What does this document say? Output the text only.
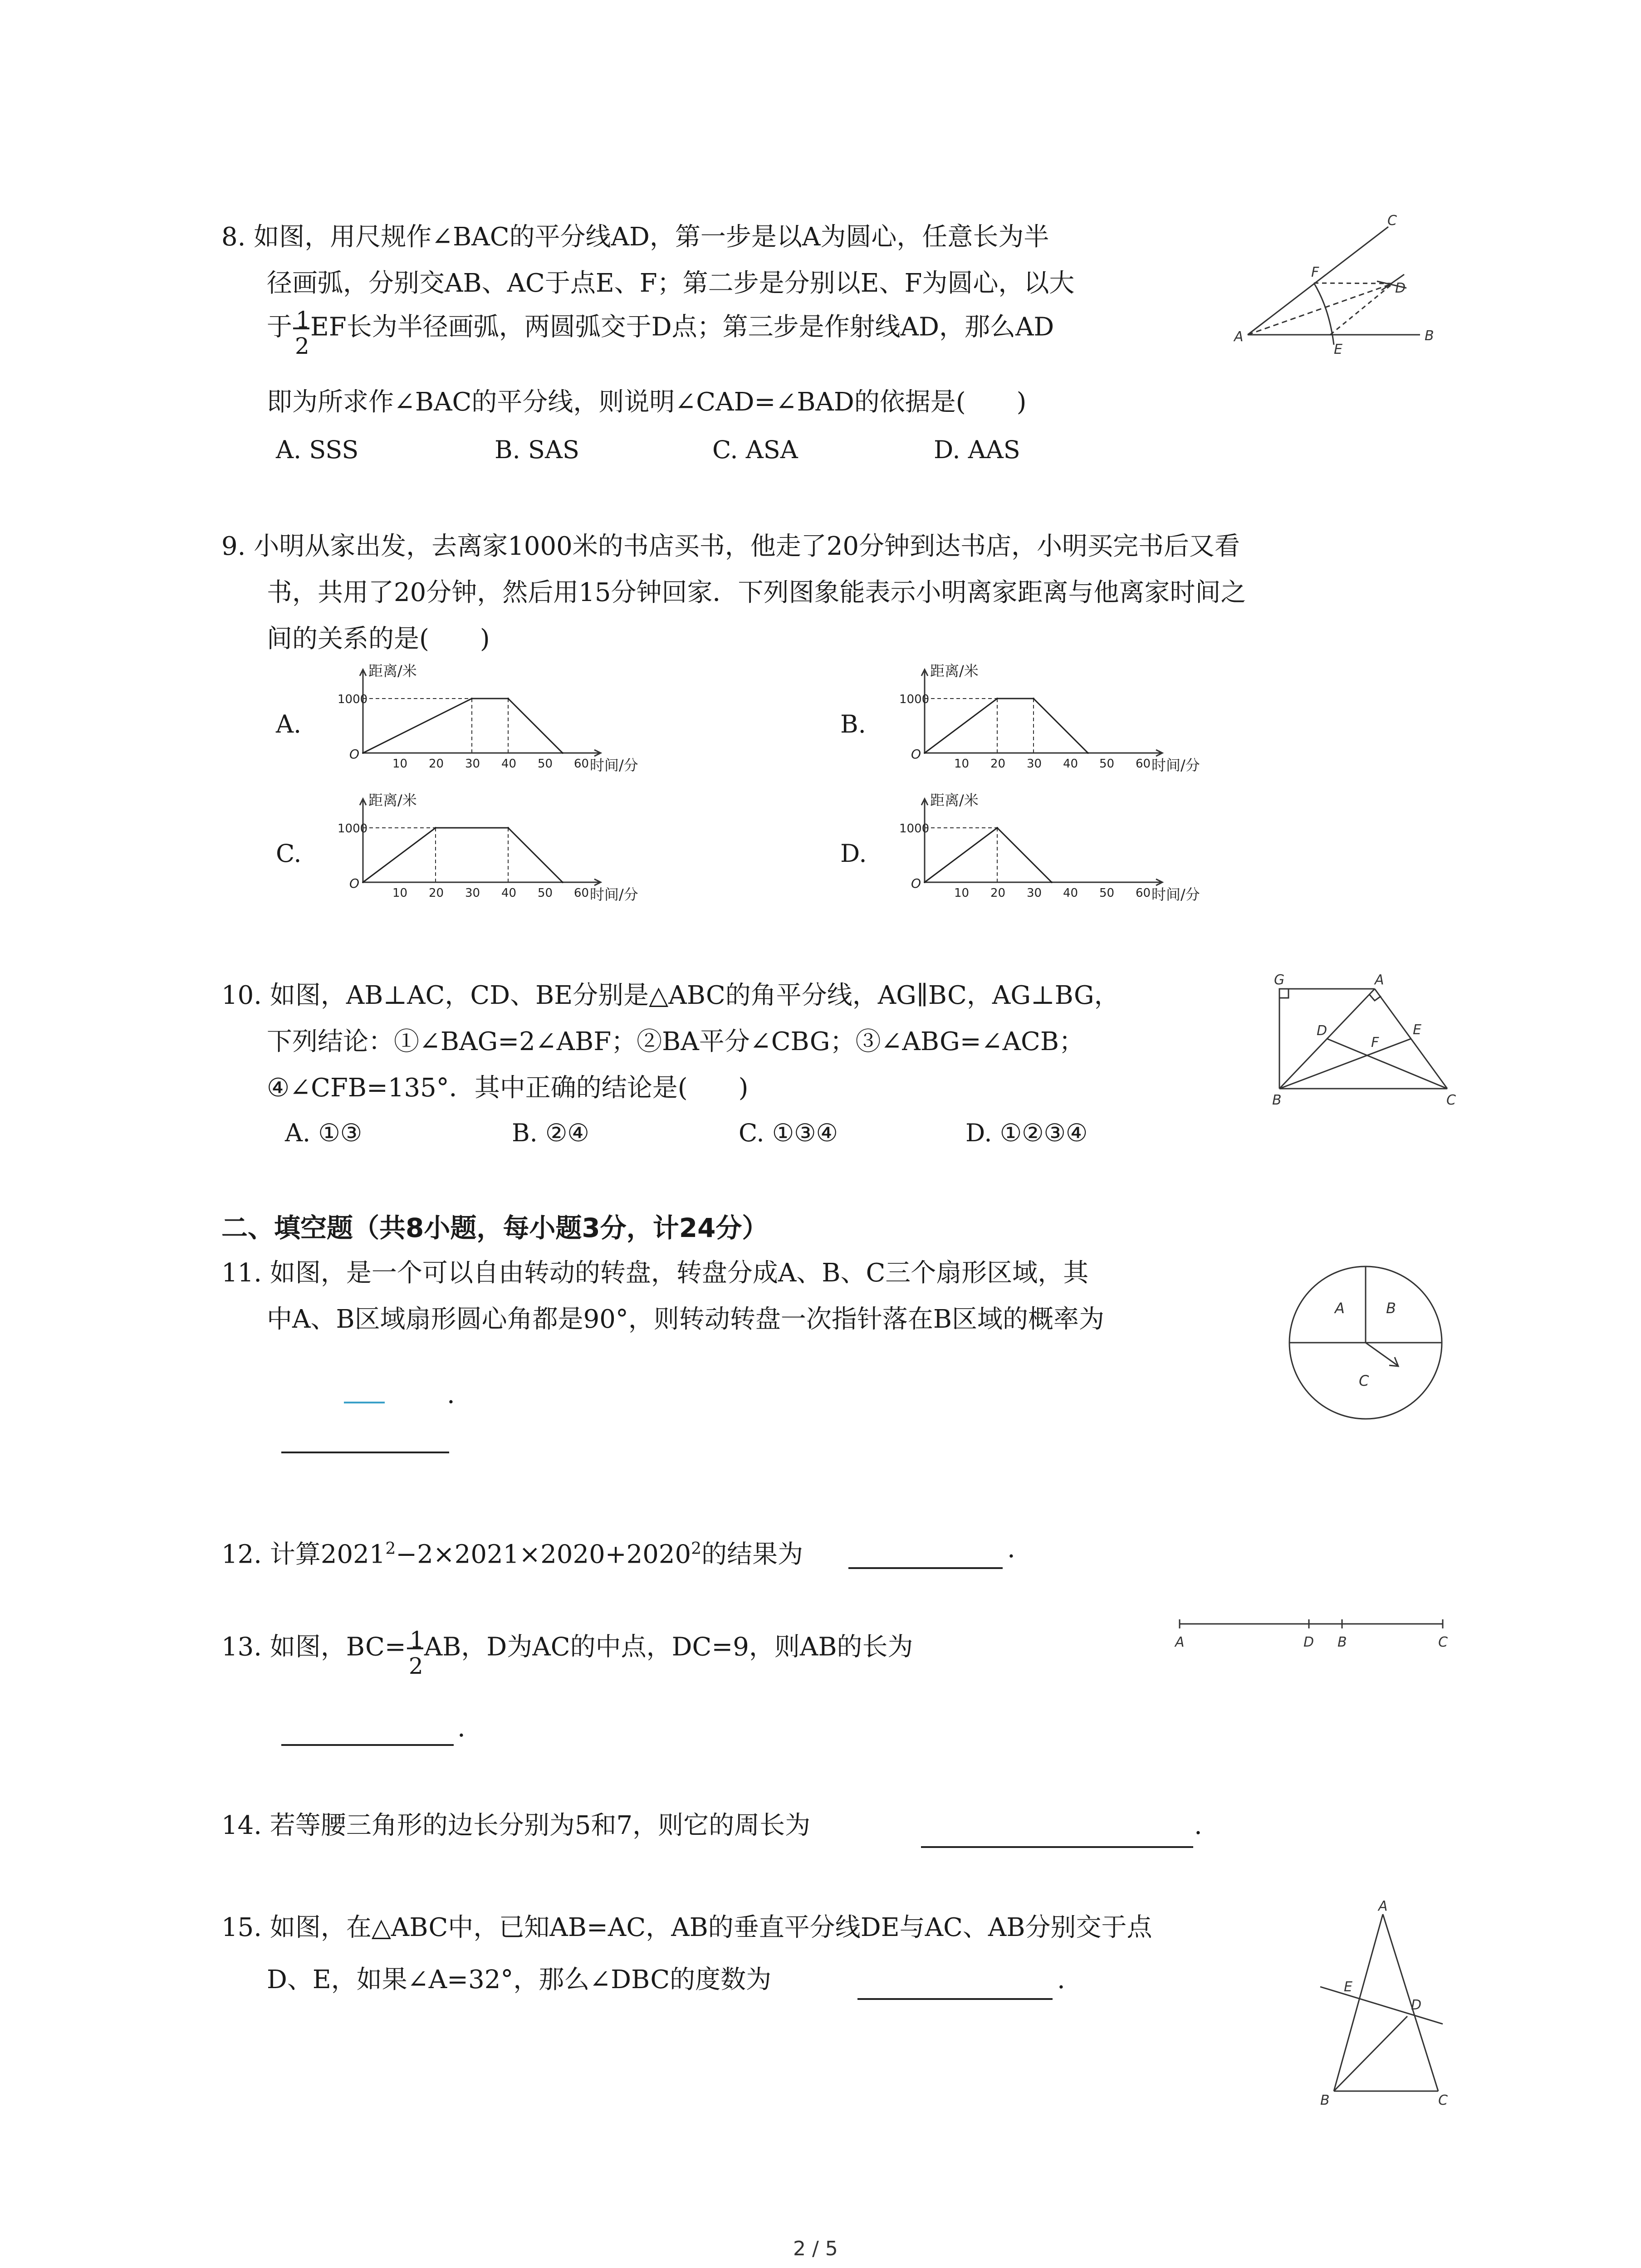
8. 如图，用尺规作∠BAC的平分线AD，第一步是以A为圆心，任意长为半
径画弧，分别交AB、AC于点E、F；第二步是分别以E、F为圆心，以大
于 $\frac{1}{2}$ EF长为半径画弧，两圆弧交于D点；第三步是作射线AD，那么AD
即为所求作∠BAC的平分线，则说明∠CAD=∠BAD的依据是(　　)
A. SSS	B. SAS	C. ASA	D. AAS
A	B
C
D
E
F
9. 小明从家出发，去离家1000米的书店买书，他走了20分钟到达书店，小明买完书后又看
书，共用了20分钟，然后用15分钟回家．下列图象能表示小明离家距离与他离家时间之
间的关系的是(　　)
A.	B.
C.	D.
距离/米
1000
O
10 20 30 40 50 60 时间/分
距离/米
1000
O
10 20 30 40 50 60 时间/分
距离/米
1000
O
10 20 30 40 50 60 时间/分
距离/米
1000
O
10 20 30 40 50 60 时间/分
10. 如图，AB⊥AC，CD、BE分别是△ABC的角平分线，AG∥BC，AG⊥BG，
下列结论：①∠BAG=2∠ABF；②BA平分∠CBG；③∠ABG=∠ACB；
④∠CFB=135°．其中正确的结论是(　　)
A. ①③	B. ②④	C. ①③④	D. ①②③④
G	A
D	E
F
B	C
二、填空题（共8小题，每小题3分，计24分）
11. 如图，是一个可以自由转动的转盘，转盘分成A、B、C三个扇形区域，其
中A、B区域扇形圆心角都是90°，则转动转盘一次指针落在B区域的概率为
.
A	B
C
12. 计算$2021^2-2\times 2021\times 2020+2020^2$的结果为	.
13. 如图，$BC= \frac{1}{2}$ AB，D为AC的中点，DC=9，则AB的长为
.
A	D B	C
14. 若等腰三角形的边长分别为5和7，则它的周长为	.
15. 如图，在△ABC中，已知AB=AC，AB的垂直平分线DE与AC、AB分别交于点
D、E，如果∠A=32°，那么∠DBC的度数为	.
A
E
D
B	C
2 / 5
